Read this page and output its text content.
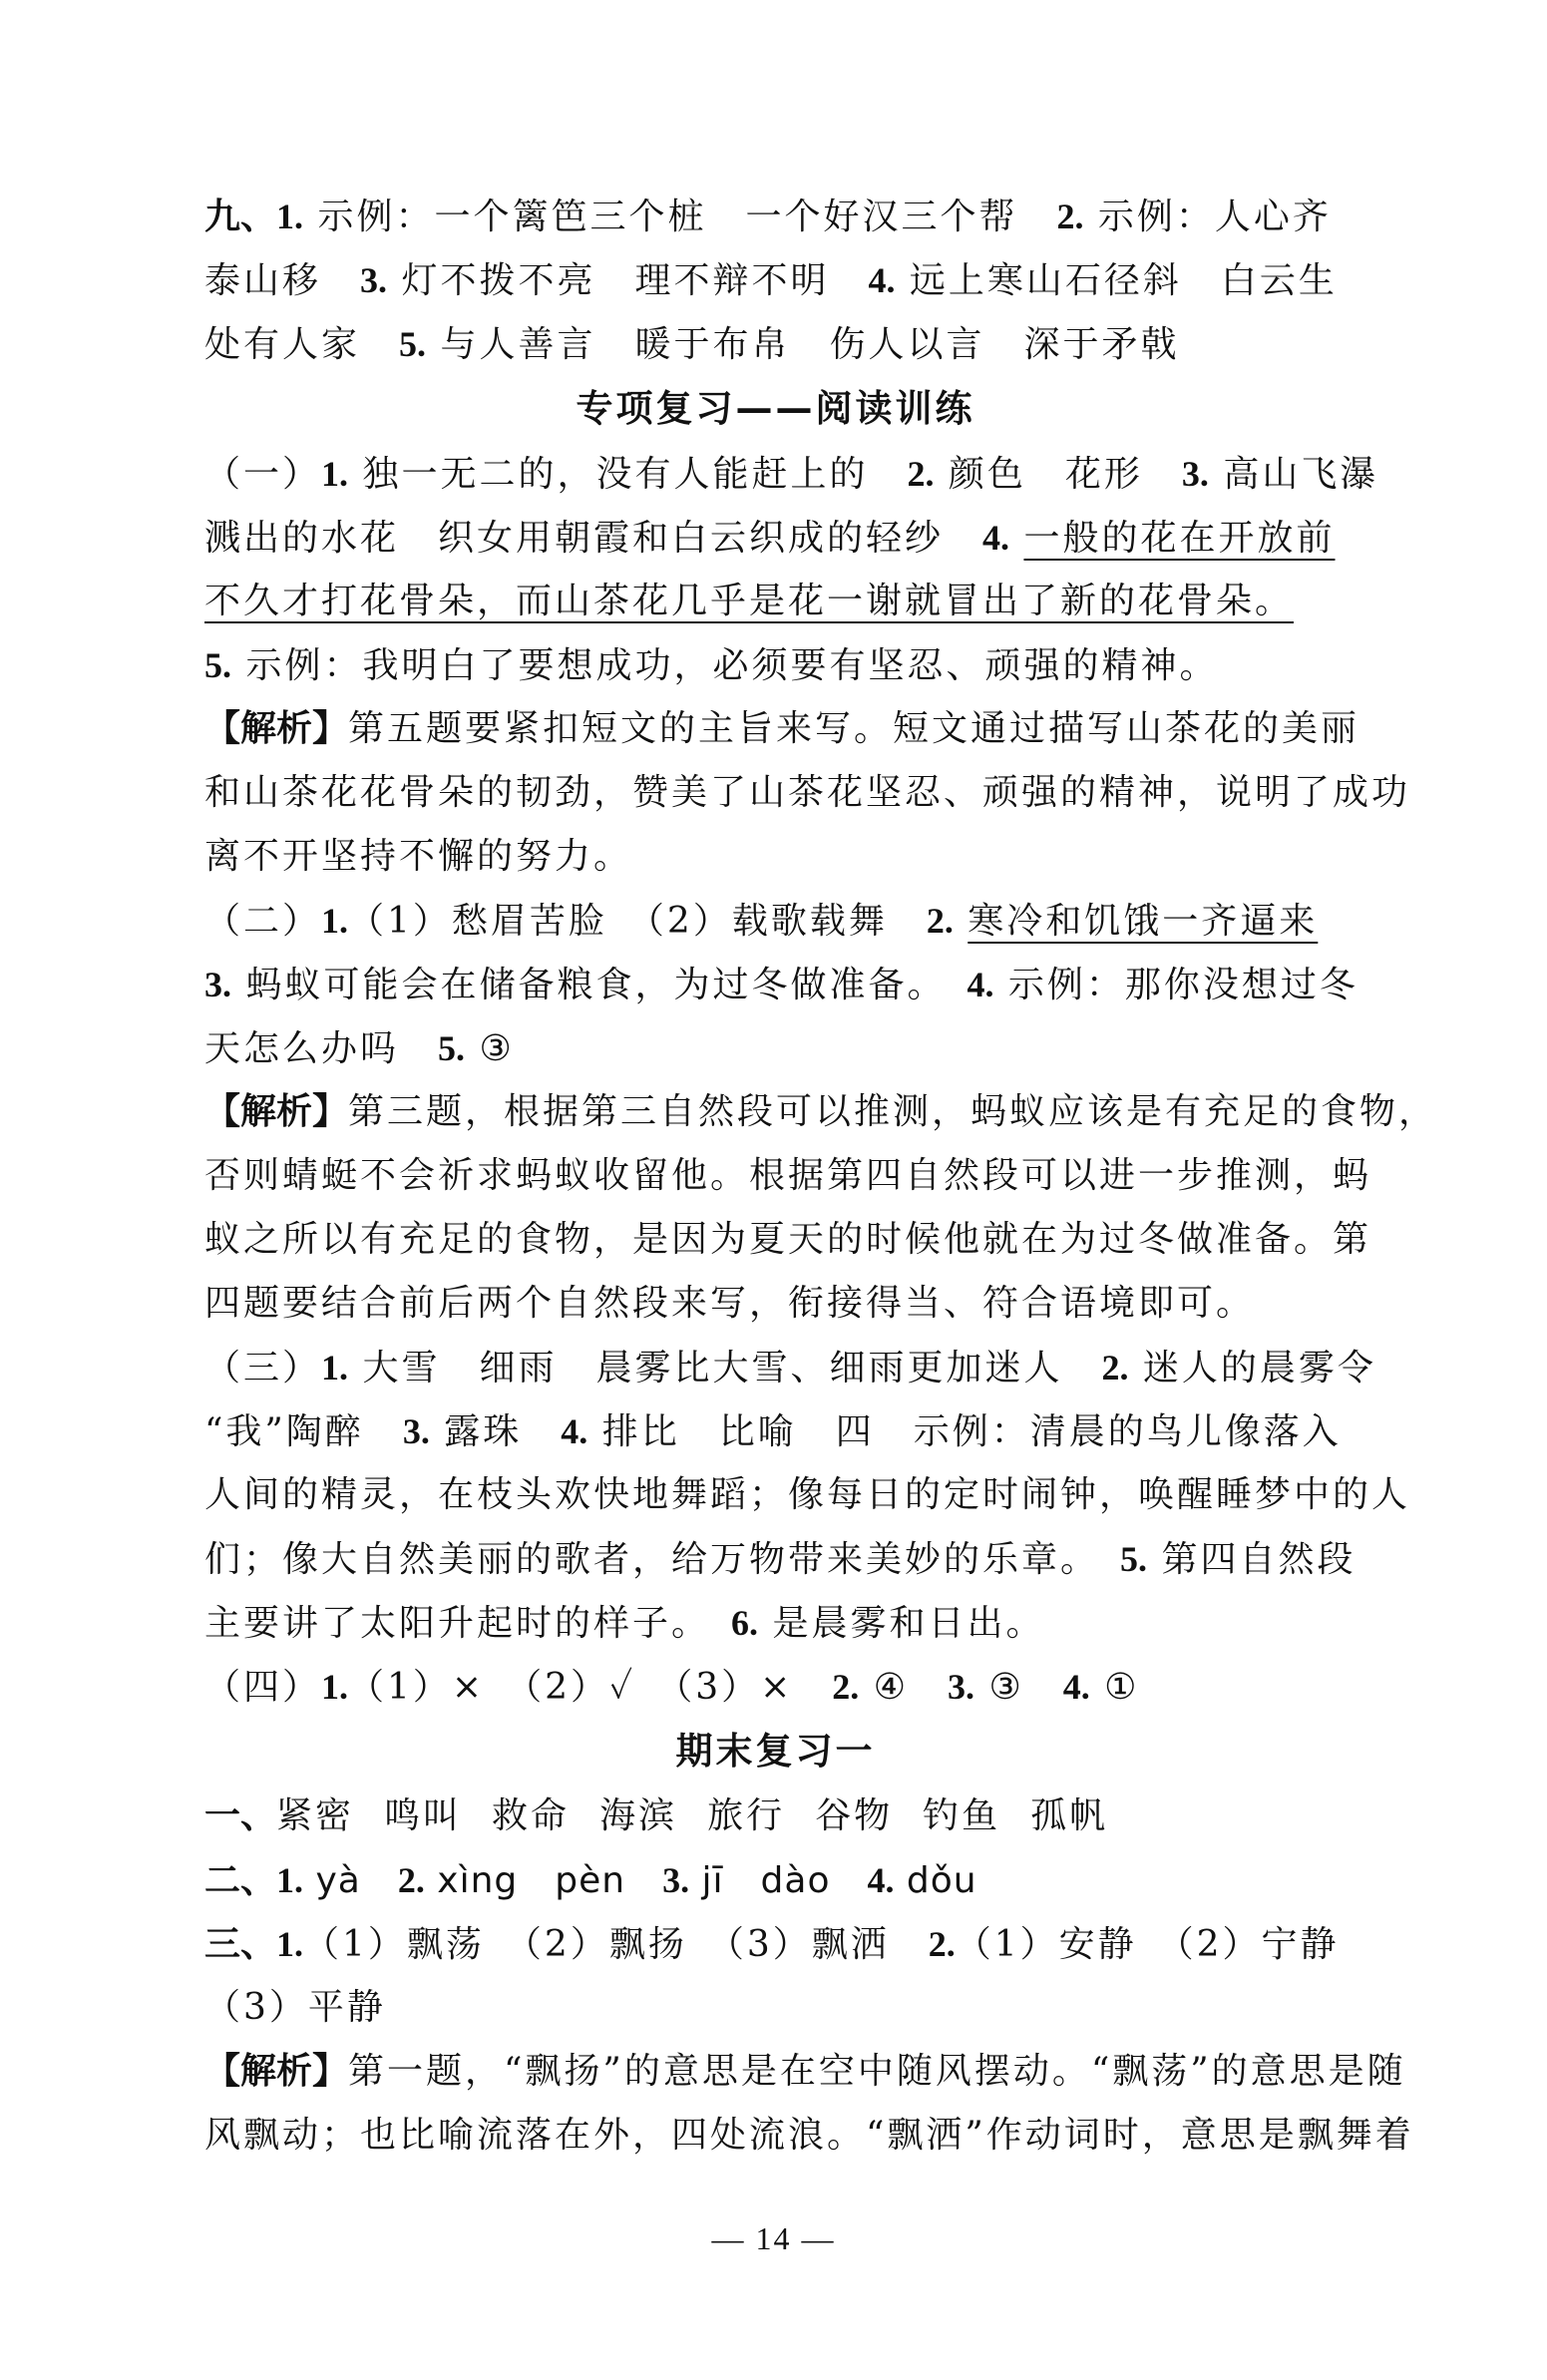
九、1. 示例：一个篱笆三个桩　一个好汉三个帮　2. 示例：人心齐
泰山移　3. 灯不拨不亮　理不辩不明　4. 远上寒山石径斜　白云生
处有人家　5. 与人善言　暖于布帛　伤人以言　深于矛戟
专项复习——阅读训练
（一）1. 独一无二的，没有人能赶上的　2. 颜色　花形　3. 高山飞瀑
溅出的水花　织女用朝霞和白云织成的轻纱　4. 一般的花在开放前
不久才打花骨朵，而山茶花几乎是花一谢就冒出了新的花骨朵。
5. 示例：我明白了要想成功，必须要有坚忍、顽强的精神。
【解析】第五题要紧扣短文的主旨来写。短文通过描写山茶花的美丽
和山茶花花骨朵的韧劲，赞美了山茶花坚忍、顽强的精神，说明了成功
离不开坚持不懈的努力。
（二）1.（1）愁眉苦脸　（2）载歌载舞　2. 寒冷和饥饿一齐逼来
3. 蚂蚁可能会在储备粮食，为过冬做准备。　4. 示例：那你没想过冬
天怎么办吗　5. ③
【解析】第三题，根据第三自然段可以推测，蚂蚁应该是有充足的食物，
否则蜻蜓不会祈求蚂蚁收留他。根据第四自然段可以进一步推测，蚂
蚁之所以有充足的食物，是因为夏天的时候他就在为过冬做准备。第
四题要结合前后两个自然段来写，衔接得当、符合语境即可。
（三）1. 大雪　细雨　晨雾比大雪、细雨更加迷人　2. 迷人的晨雾令
“我”陶醉　3. 露珠　4. 排比　比喻　四　示例：清晨的鸟儿像落入
人间的精灵，在枝头欢快地舞蹈；像每日的定时闹钟，唤醒睡梦中的人
们；像大自然美丽的歌者，给万物带来美妙的乐章。　5. 第四自然段
主要讲了太阳升起时的样子。　6. 是晨雾和日出。
（四）1.（1）×　（2）✓　（3）×　2. ④　3. ③　4. ①
期末复习一
一、紧密 鸣叫 救命 海滨 旅行 谷物 钓鱼 孤帆
二、1. yà　2. xìng　pèn　3. jī　dào　4. dǒu
三、1.（1）飘荡　（2）飘扬　（3）飘洒　2.（1）安静　（2）宁静
（3）平静
【解析】第一题，“飘扬”的意思是在空中随风摆动。“飘荡”的意思是随
风飘动；也比喻流落在外，四处流浪。“飘洒”作动词时，意思是飘舞着
— 14 —
